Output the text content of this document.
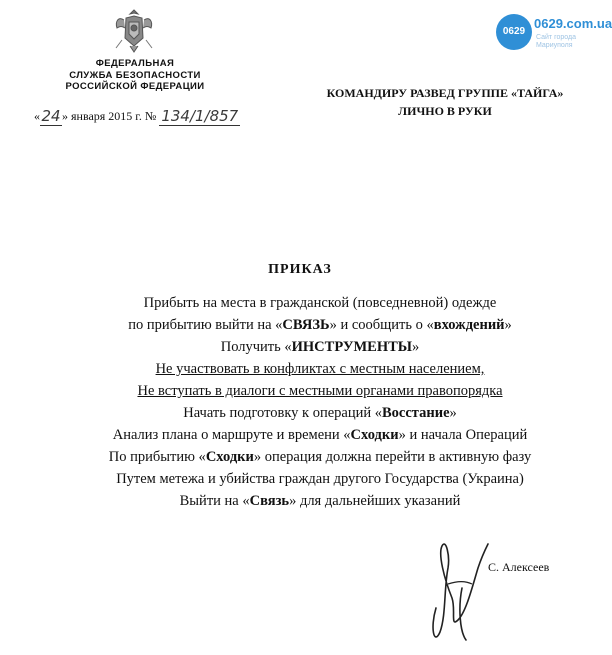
ФЕДЕРАЛЬНАЯ
СЛУЖБА БЕЗОПАСНОСТИ
РОССИЙСКОЙ ФЕДЕРАЦИИ
«24» января 2015 г. № 134/1/857
КОМАНДИРУ РАЗВЕД ГРУППЕ «ТАЙГА»
ЛИЧНО В РУКИ
0629
0629.com.ua
Сайт города
Мариуполя
ПРИКАЗ
Прибыть на места в гражданской (повседневной) одежде
по прибытию выйти на «СВЯЗЬ» и сообщить о «вхождений»
Получить «ИНСТРУМЕНТЫ»
Не участвовать в конфликтах с местным населением,
Не вступать в диалоги с местными органами правопорядка
Начать подготовку к операций «Восстание»
Анализ плана о маршруте и времени «Сходки» и начала Операций
По прибытию «Сходки» операция должна перейти в активную фазу
Путем метежа и убийства граждан другого Государства (Украина)
Выйти на «Связь» для дальнейших указаний
С. Алексеев
